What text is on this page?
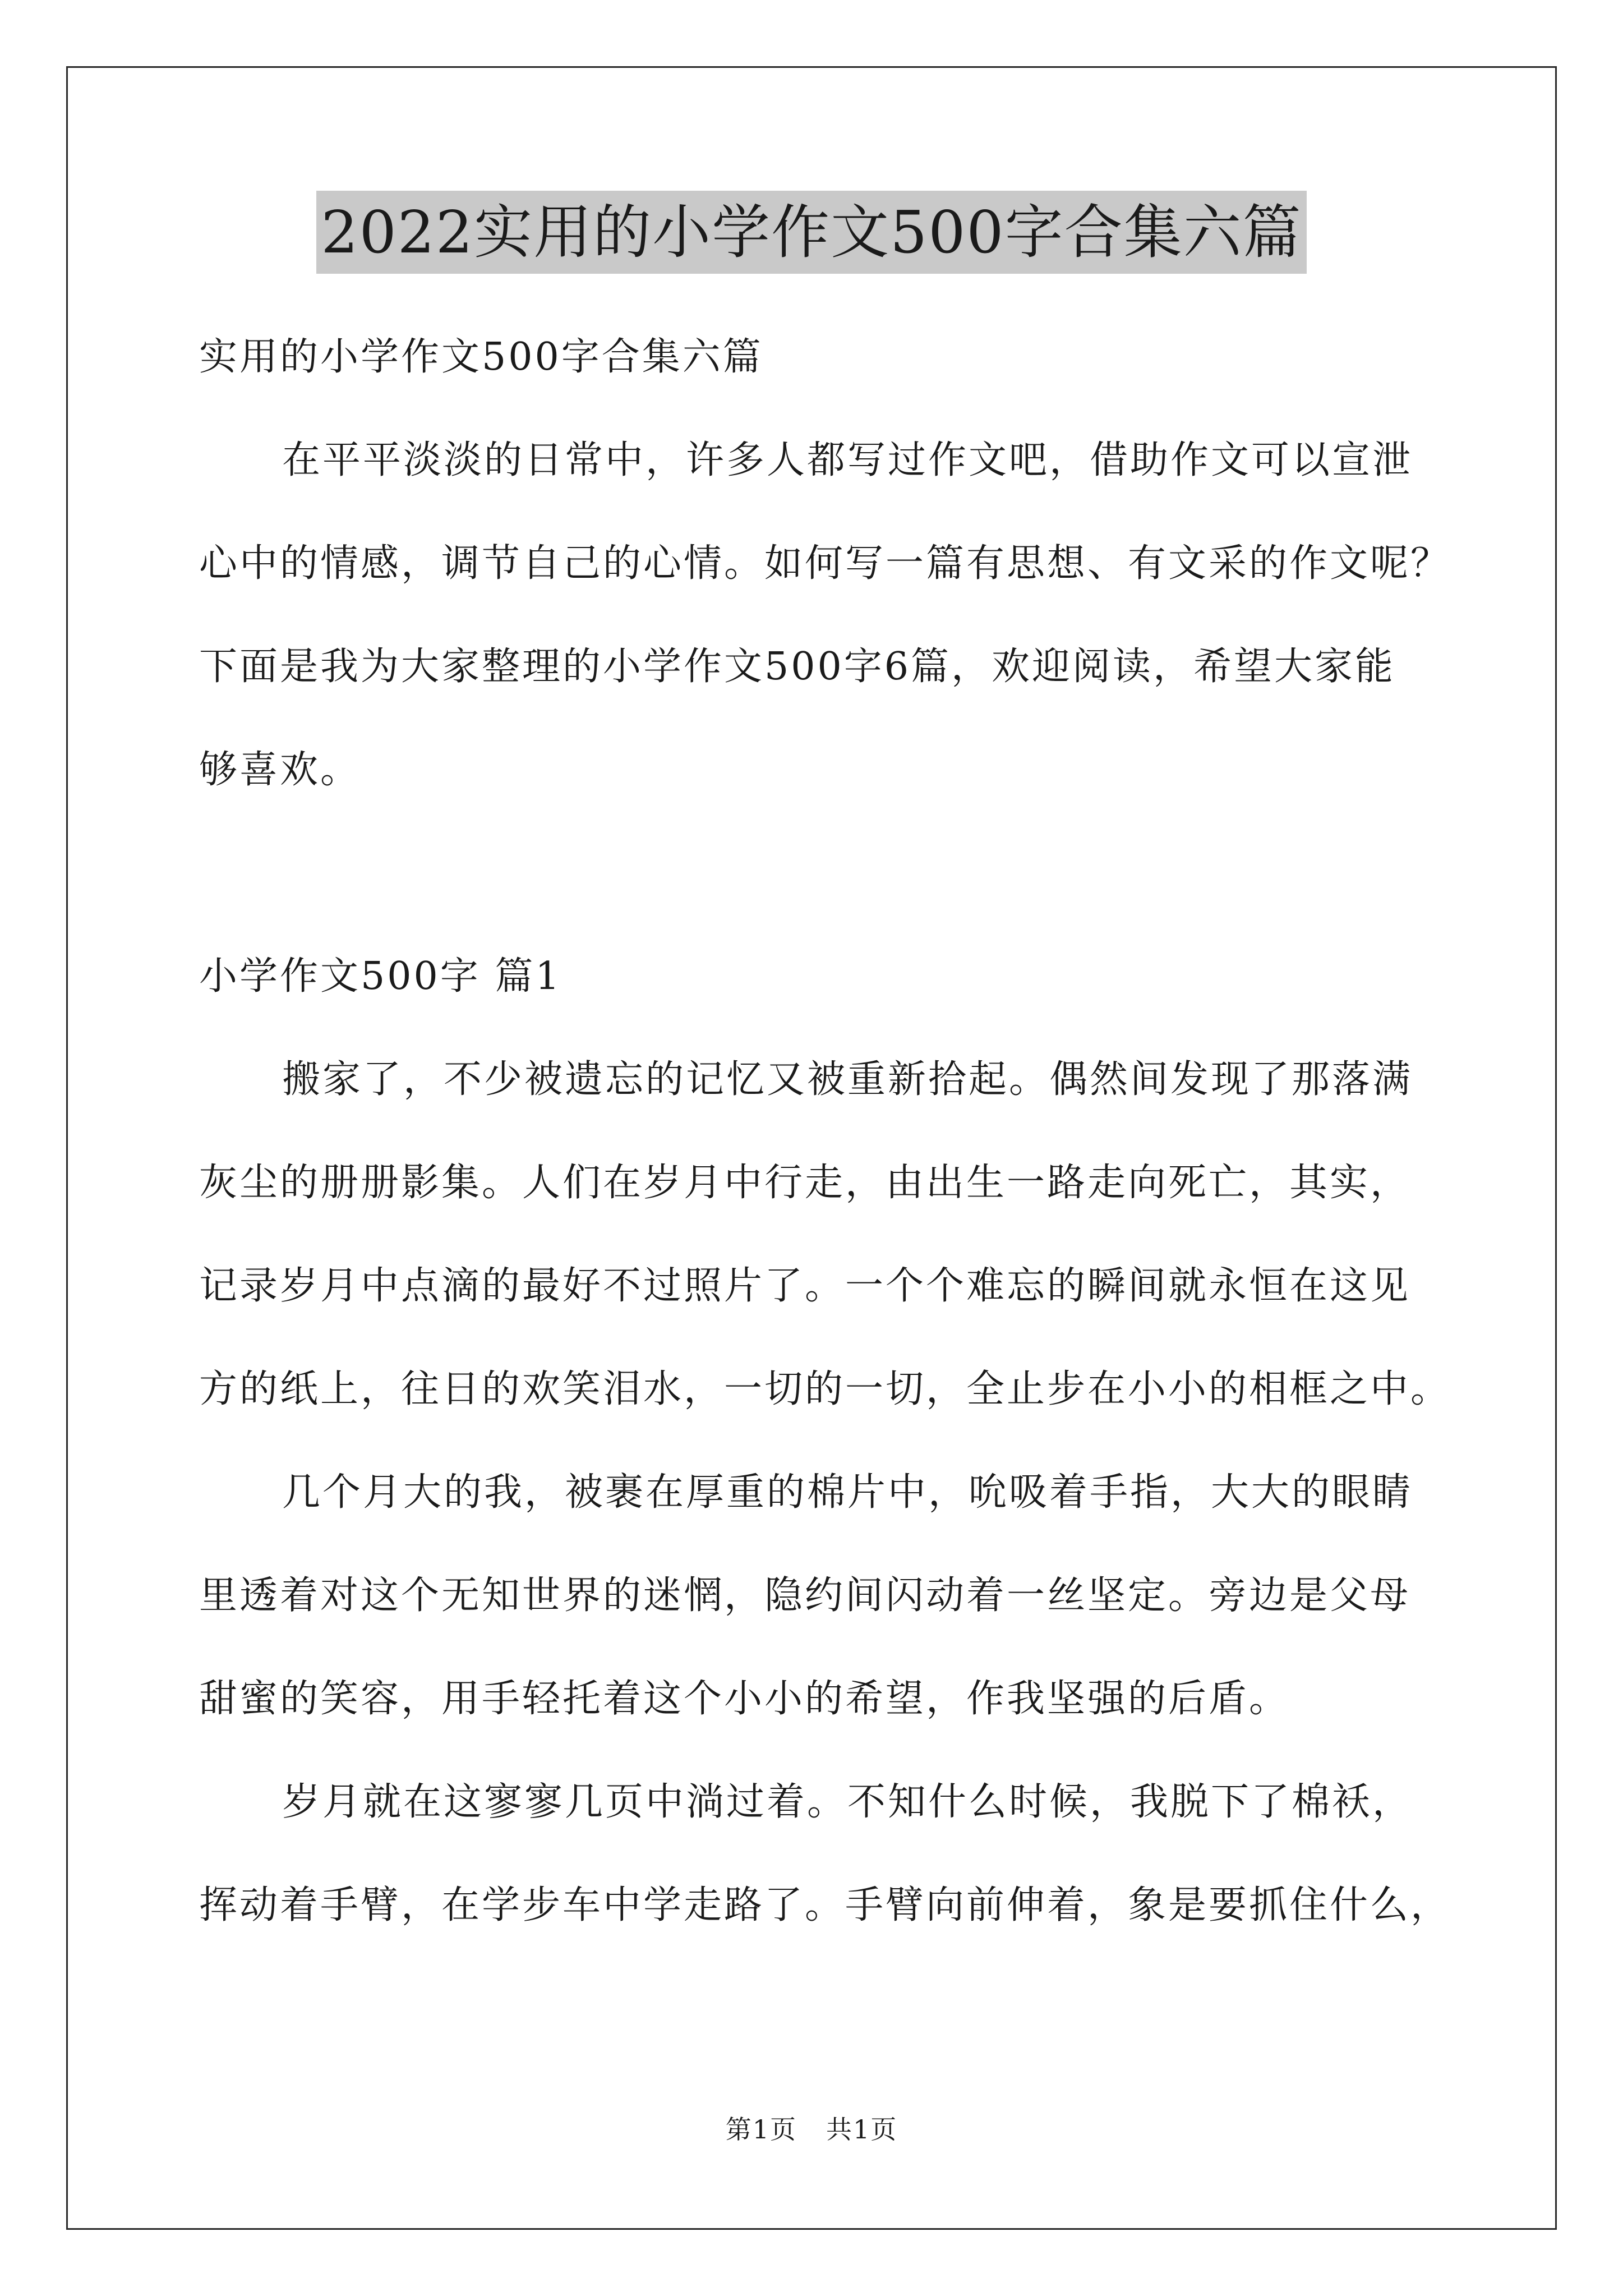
2022实用的小学作文500字合集六篇
实用的小学作文500字合集六篇
在平平淡淡的日常中，许多人都写过作文吧，借助作文可以宣泄
心中的情感，调节自己的心情。如何写一篇有思想、有文采的作文呢？
下面是我为大家整理的小学作文500字6篇，欢迎阅读，希望大家能
够喜欢。
小学作文500字 篇1
搬家了，不少被遗忘的记忆又被重新拾起。偶然间发现了那落满
灰尘的册册影集。人们在岁月中行走，由出生一路走向死亡，其实，
记录岁月中点滴的最好不过照片了。一个个难忘的瞬间就永恒在这见
方的纸上，往日的欢笑泪水，一切的一切，全止步在小小的相框之中。
几个月大的我，被裹在厚重的棉片中，吮吸着手指，大大的眼睛
里透着对这个无知世界的迷惘，隐约间闪动着一丝坚定。旁边是父母
甜蜜的笑容，用手轻托着这个小小的希望，作我坚强的后盾。
岁月就在这寥寥几页中淌过着。不知什么时候，我脱下了棉袄，
挥动着手臂，在学步车中学走路了。手臂向前伸着，象是要抓住什么，
第1页 共1页
